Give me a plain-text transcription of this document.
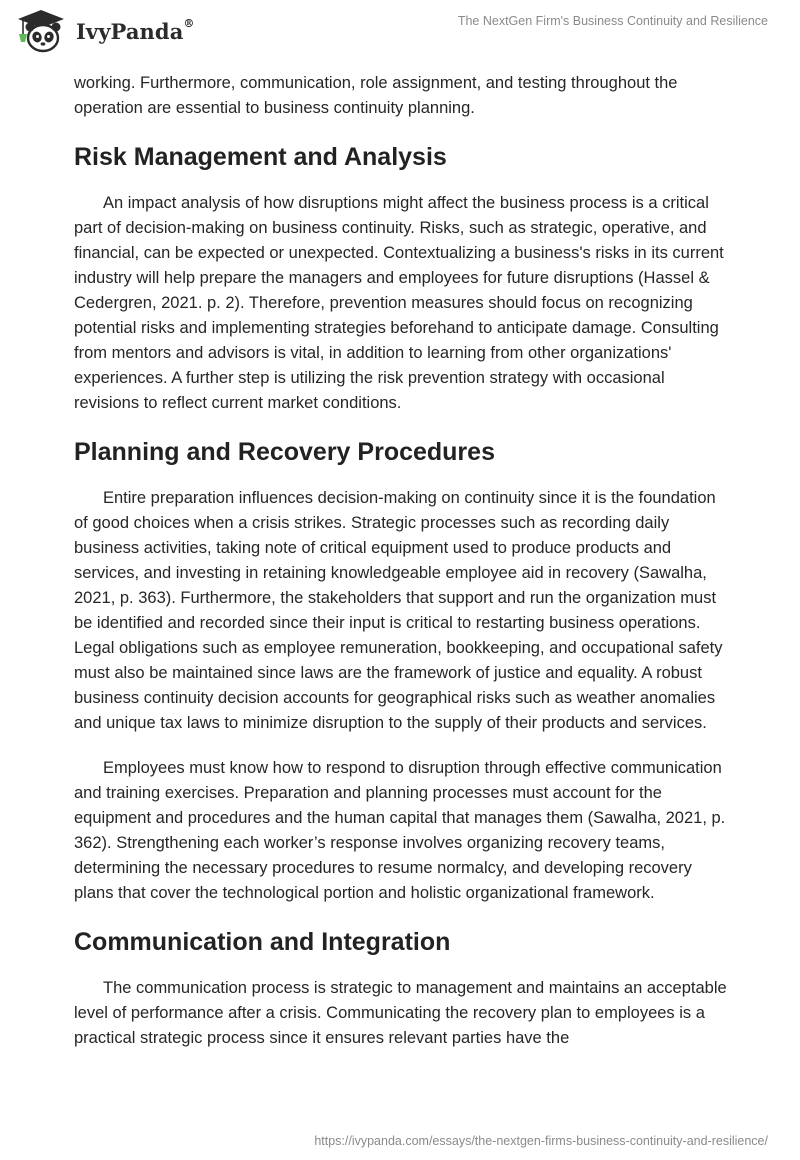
IvyPanda®	The NextGen Firm's Business Continuity and Resilience

working. Furthermore, communication, role assignment, and testing throughout the operation are essential to business continuity planning.

Risk Management and Analysis

An impact analysis of how disruptions might affect the business process is a critical part of decision-making on business continuity. Risks, such as strategic, operative, and financial, can be expected or unexpected. Contextualizing a business's risks in its current industry will help prepare the managers and employees for future disruptions (Hassel & Cedergren, 2021. p. 2). Therefore, prevention measures should focus on recognizing potential risks and implementing strategies beforehand to anticipate damage. Consulting from mentors and advisors is vital, in addition to learning from other organizations' experiences. A further step is utilizing the risk prevention strategy with occasional revisions to reflect current market conditions.

Planning and Recovery Procedures

Entire preparation influences decision-making on continuity since it is the foundation of good choices when a crisis strikes. Strategic processes such as recording daily business activities, taking note of critical equipment used to produce products and services, and investing in retaining knowledgeable employee aid in recovery (Sawalha, 2021, p. 363). Furthermore, the stakeholders that support and run the organization must be identified and recorded since their input is critical to restarting business operations. Legal obligations such as employee remuneration, bookkeeping, and occupational safety must also be maintained since laws are the framework of justice and equality. A robust business continuity decision accounts for geographical risks such as weather anomalies and unique tax laws to minimize disruption to the supply of their products and services.

Employees must know how to respond to disruption through effective communication and training exercises. Preparation and planning processes must account for the equipment and procedures and the human capital that manages them (Sawalha, 2021, p. 362). Strengthening each worker’s response involves organizing recovery teams, determining the necessary procedures to resume normalcy, and developing recovery plans that cover the technological portion and holistic organizational framework.

Communication and Integration

The communication process is strategic to management and maintains an acceptable level of performance after a crisis. Communicating the recovery plan to employees is a practical strategic process since it ensures relevant parties have the

https://ivypanda.com/essays/the-nextgen-firms-business-continuity-and-resilience/
